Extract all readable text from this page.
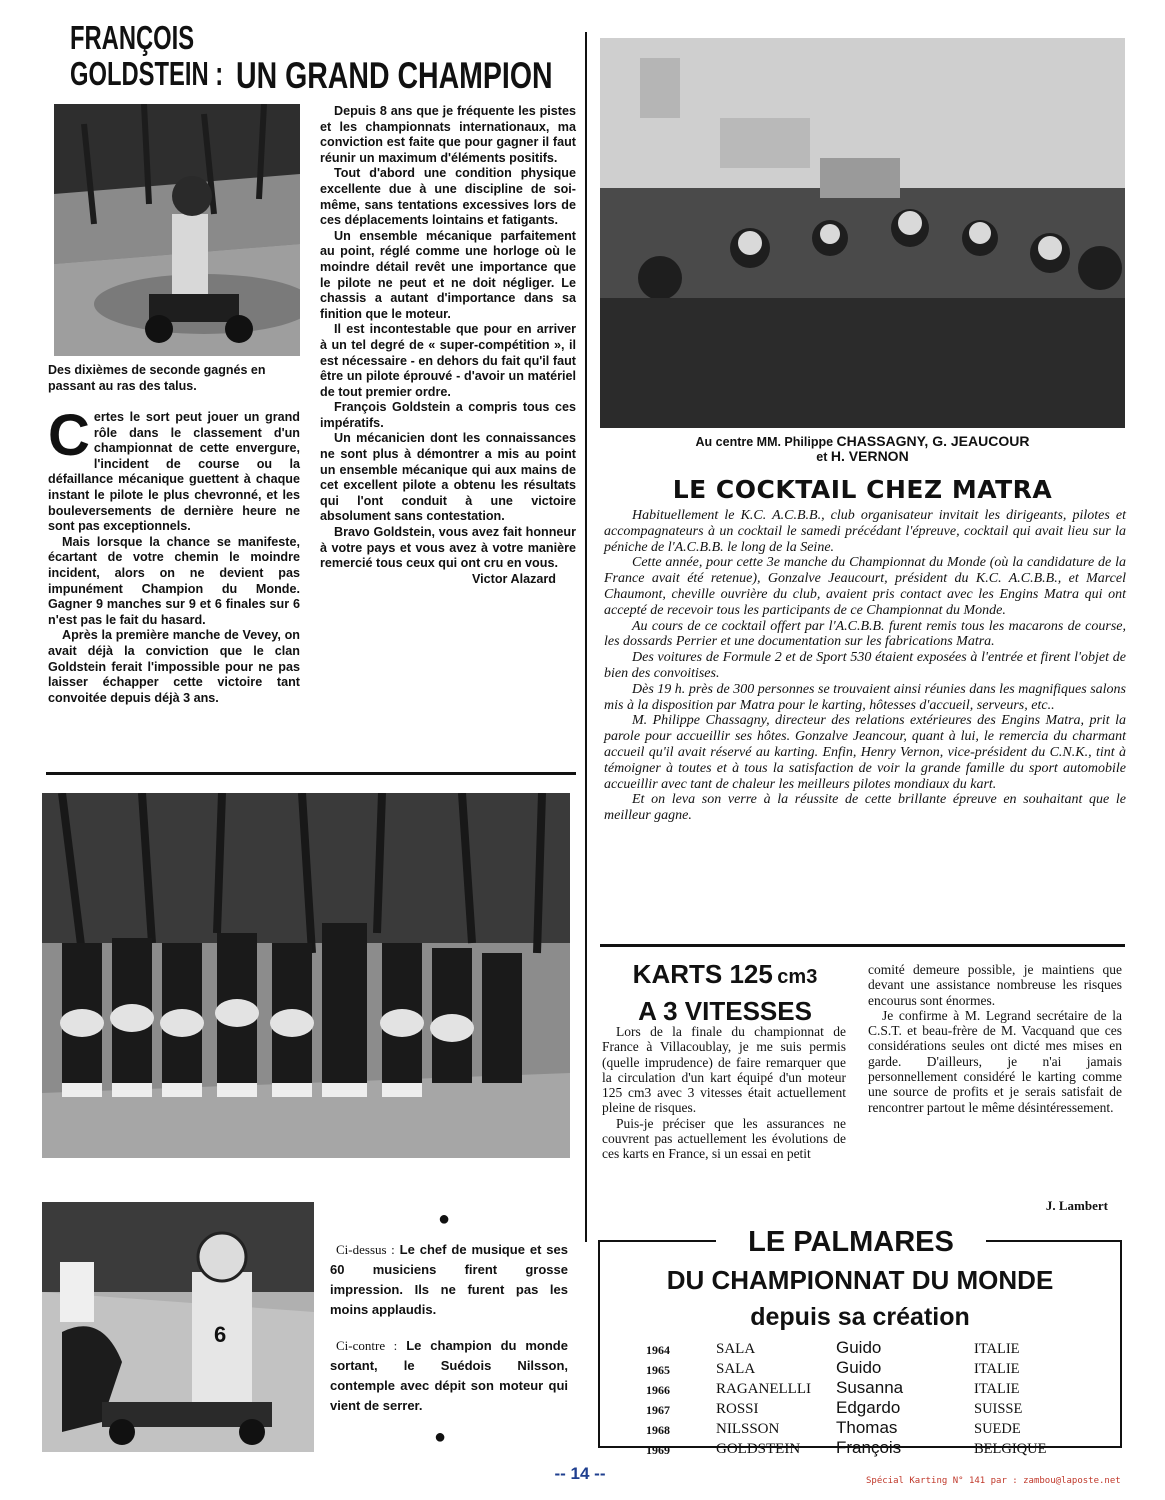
FRANÇOIS
GOLDSTEIN : UN GRAND CHAMPION
Des dixièmes de seconde gagnés en passant au ras des talus.
C ertes le sort peut jouer un grand rôle dans le classement d'un championnat de cette envergure, l'incident de course ou la défaillance mécanique guettent à chaque instant le pilote le plus chevronné, et les bouleversements de dernière heure ne sont pas exceptionnels.

Mais lorsque la chance se manifeste, écartant de votre chemin le moindre incident, alors on ne devient pas impunément Champion du Monde. Gagner 9 manches sur 9 et 6 finales sur 6 n'est pas le fait du hasard.

Après la première manche de Vevey, on avait déjà la conviction que le clan Goldstein ferait l'impossible pour ne pas laisser échapper cette victoire tant convoitée depuis déjà 3 ans.

Depuis 8 ans que je fréquente les pistes et les championnats internationaux, ma conviction est faite que pour gagner il faut réunir un maximum d'éléments positifs.

Tout d'abord une condition physique excellente due à une discipline de soi-même, sans tentations excessives lors de ces déplacements lointains et fatigants.

Un ensemble mécanique parfaitement au point, réglé comme une horloge où le moindre détail revêt une importance que le pilote ne peut et ne doit négliger. Le chassis a autant d'importance dans sa finition que le moteur.

Il est incontestable que pour en arriver à un tel degré de « super-compétition », il est nécessaire - en dehors du fait qu'il faut être un pilote éprouvé - d'avoir un matériel de tout premier ordre.

François Goldstein a compris tous ces impératifs.

Un mécanicien dont les connaissances ne sont plus à démontrer a mis au point un ensemble mécanique qui aux mains de cet excellent pilote a obtenu les résultats qui l'ont conduit à une victoire absolument sans contestation.

Bravo Goldstein, vous avez fait honneur à votre pays et vous avez à votre manière remercié tous ceux qui ont cru en vous.

Victor Alazard
Au centre MM. Philippe CHASSAGNY, G. JEAUCOUR
et H. VERNON
LE COCKTAIL CHEZ MATRA

Habituellement le K.C. A.C.B.B., club organisateur invitait les dirigeants, pilotes et accompagnateurs à un cocktail le samedi précédant l'épreuve, cocktail qui avait lieu sur la péniche de l'A.C.B.B. le long de la Seine.

Cette année, pour cette 3e manche du Championnat du Monde (où la candidature de la France avait été retenue), Gonzalve Jeaucourt, président du K.C. A.C.B.B., et Marcel Chaumont, cheville ouvrière du club, avaient pris contact avec les Engins Matra qui ont accepté de recevoir tous les participants de ce Championnat du Monde.

Au cours de ce cocktail offert par l'A.C.B.B. furent remis tous les macarons de course, les dossards Perrier et une documentation sur les fabrications Matra.

Des voitures de Formule 2 et de Sport 530 étaient exposées à l'entrée et firent l'objet de bien des convoitises.

Dès 19 h. près de 300 personnes se trouvaient ainsi réunies dans les magnifiques salons mis à la disposition par Matra pour le karting, hôtesses d'accueil, serveurs, etc..

M. Philippe Chassagny, directeur des relations extérieures des Engins Matra, prit la parole pour accueillir ses hôtes. Gonzalve Jeancour, quant à lui, le remercia du charmant accueil qu'il avait réservé au karting. Enfin, Henry Vernon, vice-président du C.N.K., tint à témoigner à toutes et à tous la satisfaction de voir la grande famille du sport automobile accueillir avec tant de chaleur les meilleurs pilotes mondiaux du kart.

Et on leva son verre à la réussite de cette brillante épreuve en souhaitant que le meilleur gagne.

6
●
Ci-dessus : Le chef de musique et ses 60 musiciens firent grosse impression. Ils ne furent pas les moins applaudis.
Ci-contre : Le champion du monde sortant, le Suédois Nilsson, contemple avec dépit son moteur qui vient de serrer.
●
KARTS 125 cm3
A 3 VITESSES

Lors de la finale du championnat de France à Villacoublay, je me suis permis (quelle imprudence) de faire remarquer que la circulation d'un kart équipé d'un moteur 125 cm3 avec 3 vitesses était actuellement pleine de risques.

Puis-je préciser que les assurances ne couvrent pas actuellement les évolutions de ces karts en France, si un essai en petit

comité demeure possible, je maintiens que devant une assistance nombreuse les risques encourus sont énormes.

Je confirme à M. Legrand secrétaire de la C.S.T. et beau-frère de M. Vacquand que ces considérations seules ont dicté mes mises en garde. D'ailleurs, je n'ai jamais personnellement considéré le karting comme une source de profits et je serais satisfait de rencontrer partout le même désintéressement.

J. Lambert
LE PALMARES
DU CHAMPIONNAT DU MONDE
depuis sa création
1964	SALA	Guido	ITALIE
1965	SALA	Guido	ITALIE
1966	RAGANELLLI	Susanna	ITALIE
1967	ROSSI	Edgardo	SUISSE
1968	NILSSON	Thomas	SUEDE
1969	GOLDSTEIN	François	BELGIQUE
-- 14 --	Spécial Karting N° 141 par : zambou@laposte.net
